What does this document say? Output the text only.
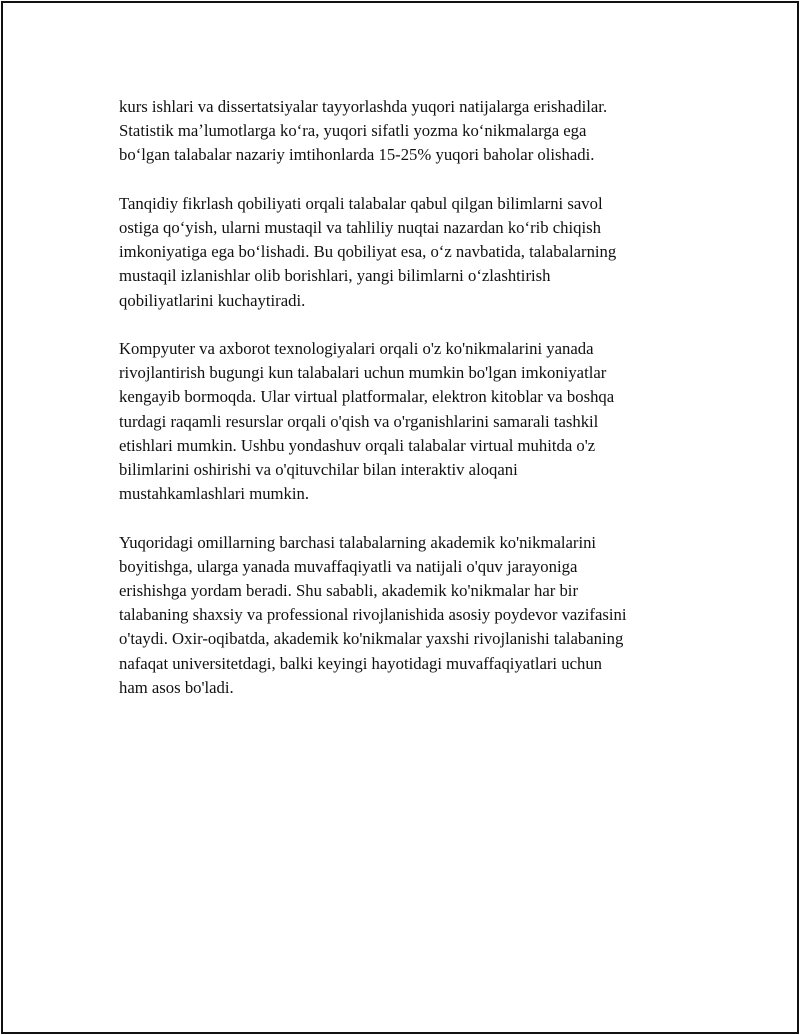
kurs ishlari va dissertatsiyalar tayyorlashda yuqori natijalarga erishadilar.
Statistik maʼlumotlarga koʻra, yuqori sifatli yozma koʻnikmalarga ega
boʻlgan talabalar nazariy imtihonlarda 15-25% yuqori baholar olishadi.

Tanqidiy fikrlash qobiliyati orqali talabalar qabul qilgan bilimlarni savol
ostiga qoʻyish, ularni mustaqil va tahliliy nuqtai nazardan koʻrib chiqish
imkoniyatiga ega boʻlishadi. Bu qobiliyat esa, oʻz navbatida, talabalarning
mustaqil izlanishlar olib borishlari, yangi bilimlarni oʻzlashtirish
qobiliyatlarini kuchaytiradi.

Kompyuter va axborot texnologiyalari orqali o'z ko'nikmalarini yanada
rivojlantirish bugungi kun talabalari uchun mumkin bo'lgan imkoniyatlar
kengayib bormoqda. Ular virtual platformalar, elektron kitoblar va boshqa
turdagi raqamli resurslar orqali o'qish va o'rganishlarini samarali tashkil
etishlari mumkin. Ushbu yondashuv orqali talabalar virtual muhitda o'z
bilimlarini oshirishi va o'qituvchilar bilan interaktiv aloqani
mustahkamlashlari mumkin.

Yuqoridagi omillarning barchasi talabalarning akademik ko'nikmalarini
boyitishga, ularga yanada muvaffaqiyatli va natijali o'quv jarayoniga
erishishga yordam beradi. Shu sababli, akademik ko'nikmalar har bir
talabaning shaxsiy va professional rivojlanishida asosiy poydevor vazifasini
o'taydi. Oxir-oqibatda, akademik ko'nikmalar yaxshi rivojlanishi talabaning
nafaqat universitetdagi, balki keyingi hayotidagi muvaffaqiyatlari uchun
ham asos bo'ladi.
